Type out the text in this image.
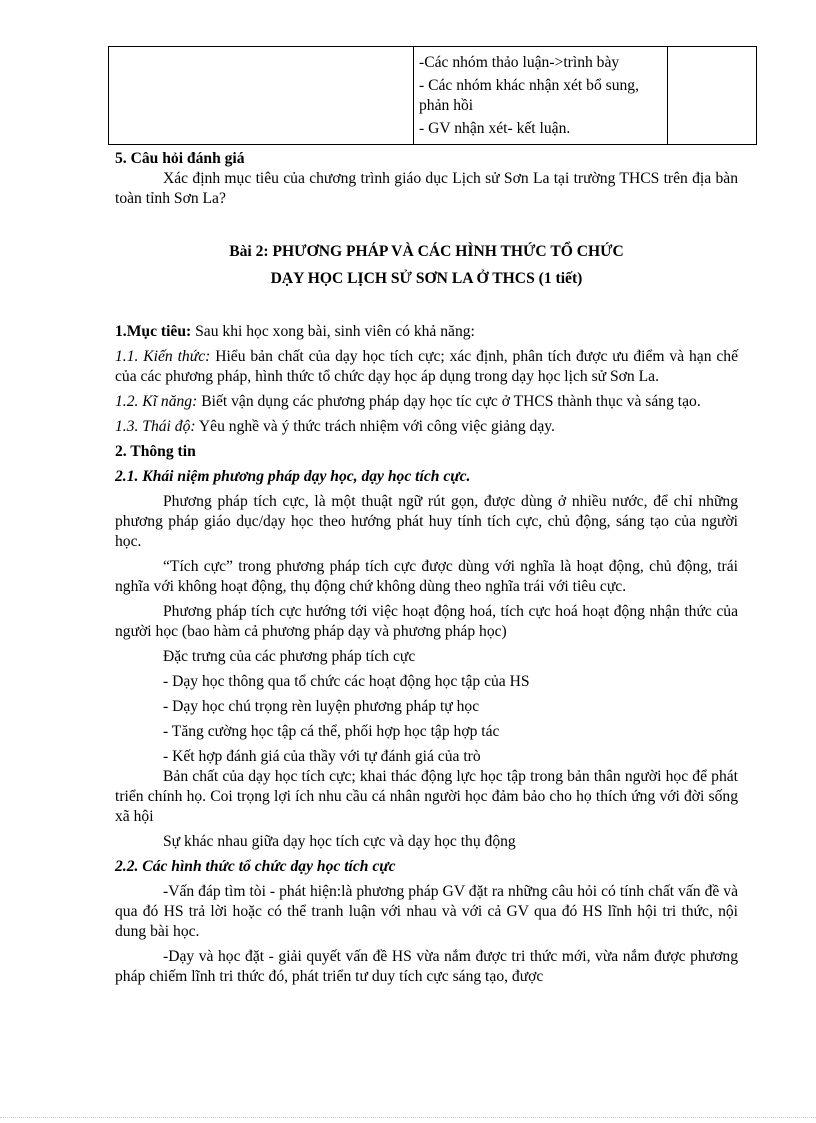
-Các nhóm thảo luận->trình bày
- Các nhóm khác nhận xét bổ sung, phản hồi
- GV nhận xét- kết luận.

5. Câu hỏi đánh giá

Xác định mục tiêu của chương trình giáo dục Lịch sử Sơn La tại trường THCS trên địa bàn toàn tỉnh Sơn La?

Bài 2: PHƯƠNG PHÁP VÀ CÁC HÌNH THỨC TỔ CHỨC

DẠY HỌC LỊCH SỬ SƠN LA Ở THCS (1 tiết)

1.Mục tiêu: Sau khi học xong bài, sinh viên có khả năng:

1.1. Kiến thức: Hiểu bản chất của dạy học tích cực; xác định, phân tích được ưu điểm và hạn chế của các phương pháp, hình thức tổ chức dạy học áp dụng trong dạy học lịch sử Sơn La.

1.2. Kĩ năng: Biết vận dụng các phương pháp dạy học tíc cực ở THCS thành thục và sáng tạo.

1.3. Thái độ: Yêu nghề và ý thức trách nhiệm với công việc giảng dạy.

2. Thông tin

2.1. Khái niệm phương pháp dạy học, dạy học tích cực.

Phương pháp tích cực, là một thuật ngữ rút gọn, được dùng ở nhiều nước, để chỉ những phương pháp giáo dục/dạy học theo hướng phát huy tính tích cực, chủ động, sáng tạo của người học.

“Tích cực” trong phương pháp tích cực được dùng với nghĩa là hoạt động, chủ động, trái nghĩa với không hoạt động, thụ động chứ không dùng theo nghĩa trái với tiêu cực.

Phương pháp tích cực hướng tới việc hoạt động hoá, tích cực hoá hoạt động nhận thức của người học (bao hàm cả phương pháp dạy và phương pháp học)

Đặc trưng của các phương pháp tích cực

- Dạy học thông qua tổ chức các hoạt động học tập của HS

- Dạy học chú trọng rèn luyện phương pháp tự học

- Tăng cường học tập cá thể, phối hợp học tập hợp tác

- Kết hợp đánh giá của thầy với tự đánh giá của trò

Bản chất của dạy học tích cực; khai thác động lực học tập trong bản thân người học để phát triển chính họ. Coi trọng lợi ích nhu cầu cá nhân người học đảm bảo cho họ thích ứng với đời sống xã hội

Sự khác nhau giữa dạy học tích cực và dạy học thụ động

2.2. Các hình thức tổ chức dạy học tích cực

-Vấn đáp tìm tòi - phát hiện:là phương pháp GV đặt ra những câu hỏi có tính chất vấn đề và qua đó HS trả lời hoặc có thể tranh luận với nhau và với cả GV qua đó HS lĩnh hội tri thức, nội dung bài học.

-Dạy và học đặt - giải quyết vấn đề HS vừa nắm được tri thức mới, vừa nắm được phương pháp chiếm lĩnh tri thức đó, phát triển tư duy tích cực sáng tạo, được
